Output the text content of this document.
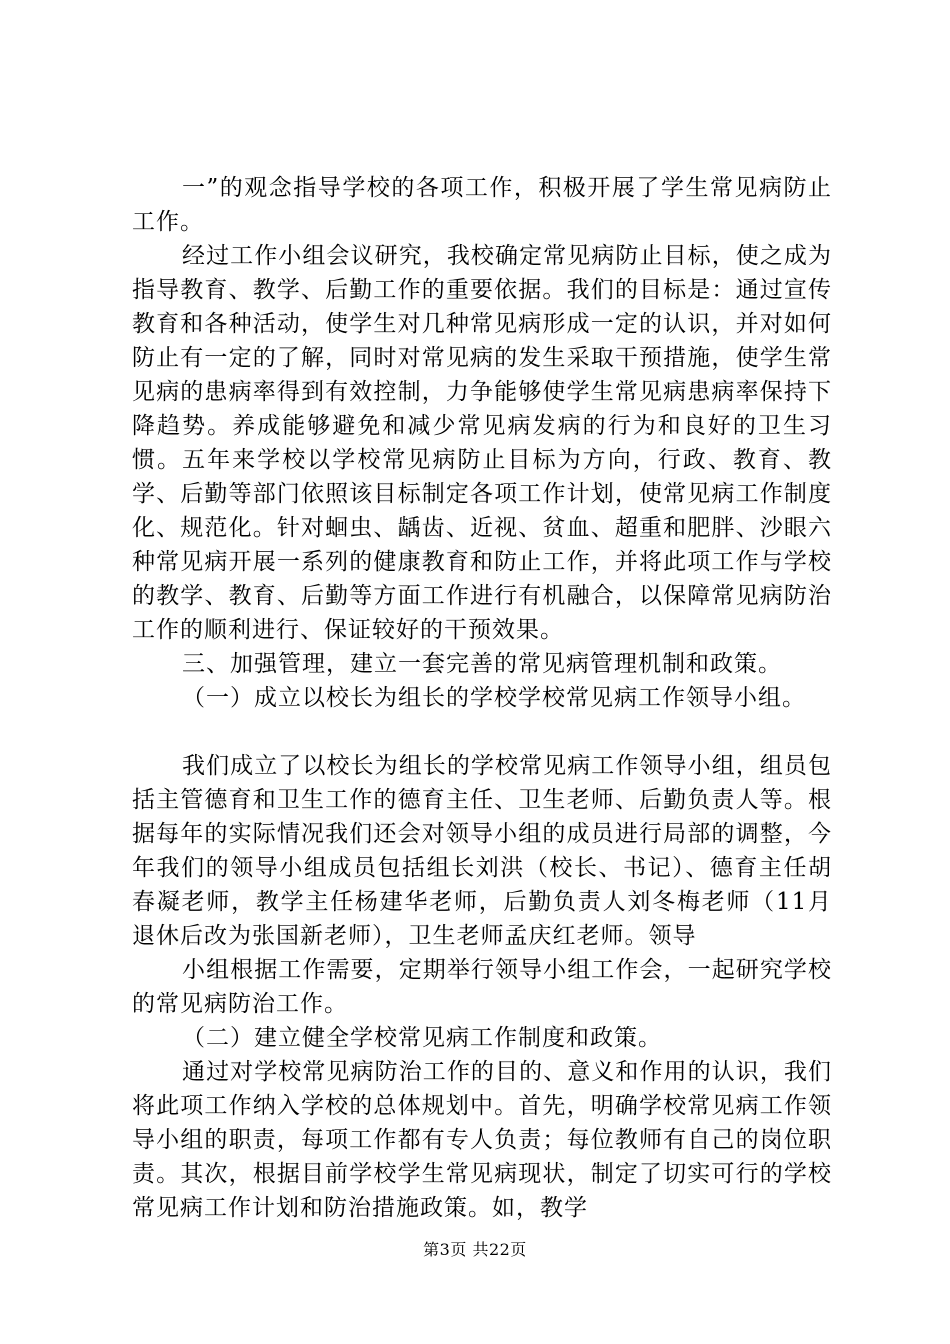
一”的观念指导学校的各项工作，积极开展了学生常见病防止工作。

经过工作小组会议研究，我校确定常见病防止目标，使之成为指导教育、教学、后勤工作的重要依据。我们的目标是：通过宣传教育和各种活动，使学生对几种常见病形成一定的认识，并对如何防止有一定的了解，同时对常见病的发生采取干预措施，使学生常见病的患病率得到有效控制，力争能够使学生常见病患病率保持下降趋势。养成能够避免和减少常见病发病的行为和良好的卫生习惯。五年来学校以学校常见病防止目标为方向，行政、教育、教学、后勤等部门依照该目标制定各项工作计划，使常见病工作制度化、规范化。针对蛔虫、龋齿、近视、贫血、超重和肥胖、沙眼六种常见病开展一系列的健康教育和防止工作，并将此项工作与学校的教学、教育、后勤等方面工作进行有机融合，以保障常见病防治工作的顺利进行、保证较好的干预效果。

三、加强管理，建立一套完善的常见病管理机制和政策。

（一）成立以校长为组长的学校学校常见病工作领导小组。

我们成立了以校长为组长的学校常见病工作领导小组，组员包括主管德育和卫生工作的德育主任、卫生老师、后勤负责人等。根据每年的实际情况我们还会对领导小组的成员进行局部的调整，今年我们的领导小组成员包括组长刘洪（校长、书记）、德育主任胡春凝老师，教学主任杨建华老师，后勤负责人刘冬梅老师（11月退休后改为张国新老师），卫生老师孟庆红老师。领导

小组根据工作需要，定期举行领导小组工作会，一起研究学校的常见病防治工作。

（二）建立健全学校常见病工作制度和政策。

通过对学校常见病防治工作的目的、意义和作用的认识，我们将此项工作纳入学校的总体规划中。首先，明确学校常见病工作领导小组的职责，每项工作都有专人负责；每位教师有自己的岗位职责。其次，根据目前学校学生常见病现状，制定了切实可行的学校常见病工作计划和防治措施政策。如，教学

第3页 共22页
